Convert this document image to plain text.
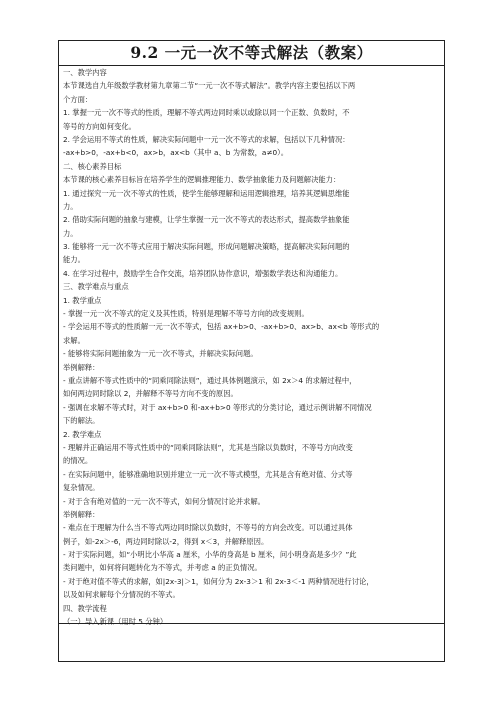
9.2 一元一次不等式解法（教案）
一、教学内容
本节课选自九年级数学教材第九章第二节“一元一次不等式解法”。教学内容主要包括以下两
个方面：
1. 掌握一元一次不等式的性质，理解不等式两边同时乘以或除以同一个正数、负数时，不
等号的方向如何变化。
2. 学会运用不等式的性质，解决实际问题中一元一次不等式的求解，包括以下几种情况：
-ax+b>0，-ax+b<0，ax>b，ax<b（其中 a、b 为常数，a≠0）。
二、核心素养目标
本节课的核心素养目标旨在培养学生的逻辑推理能力、数学抽象能力及问题解决能力：
1. 通过探究一元一次不等式的性质，使学生能够理解和运用逻辑推理，培养其逻辑思维能
力。
2. 借助实际问题的抽象与建模，让学生掌握一元一次不等式的表达形式，提高数学抽象能
力。
3. 能够将一元一次不等式应用于解决实际问题，形成问题解决策略，提高解决实际问题的
能力。
4. 在学习过程中，鼓励学生合作交流，培养团队协作意识，增强数学表达和沟通能力。
三、教学难点与重点
1. 教学重点
- 掌握一元一次不等式的定义及其性质，特别是理解不等号方向的改变规则。
- 学会运用不等式的性质解一元一次不等式，包括 ax+b>0、-ax+b>0、ax>b、ax<b 等形式的
求解。
- 能够将实际问题抽象为一元一次不等式，并解决实际问题。
举例解释：
- 重点讲解不等式性质中的“同乘同除法则”，通过具体例题演示，如 2x＞4 的求解过程中，
如何两边同时除以 2，并解释不等号方向不变的原因。
- 强调在求解不等式时，对于 ax+b>0 和-ax+b>0 等形式的分类讨论，通过示例讲解不同情况
下的解法。
2. 教学难点
- 理解并正确运用不等式性质中的“同乘同除法则”，尤其是当除以负数时，不等号方向改变
的情况。
- 在实际问题中，能够准确地识别并建立一元一次不等式模型，尤其是含有绝对值、分式等
复杂情况。
- 对于含有绝对值的一元一次不等式，如何分情况讨论并求解。
举例解释：
- 难点在于理解为什么当不等式两边同时除以负数时，不等号的方向会改变。可以通过具体
例子，如-2x＞-6，两边同时除以-2，得到 x＜3，并解释原因。
- 对于实际问题，如“小明比小华高 a 厘米，小华的身高是 b 厘米，问小明身高是多少？”此
类问题中，如何将问题转化为不等式，并考虑 a 的正负情况。
- 对于绝对值不等式的求解，如|2x-3|＞1，如何分为 2x-3＞1 和 2x-3＜-1 两种情况进行讨论，
以及如何求解每个分情况的不等式。
四、教学流程
（一）导入新课（用时 5 分钟）
